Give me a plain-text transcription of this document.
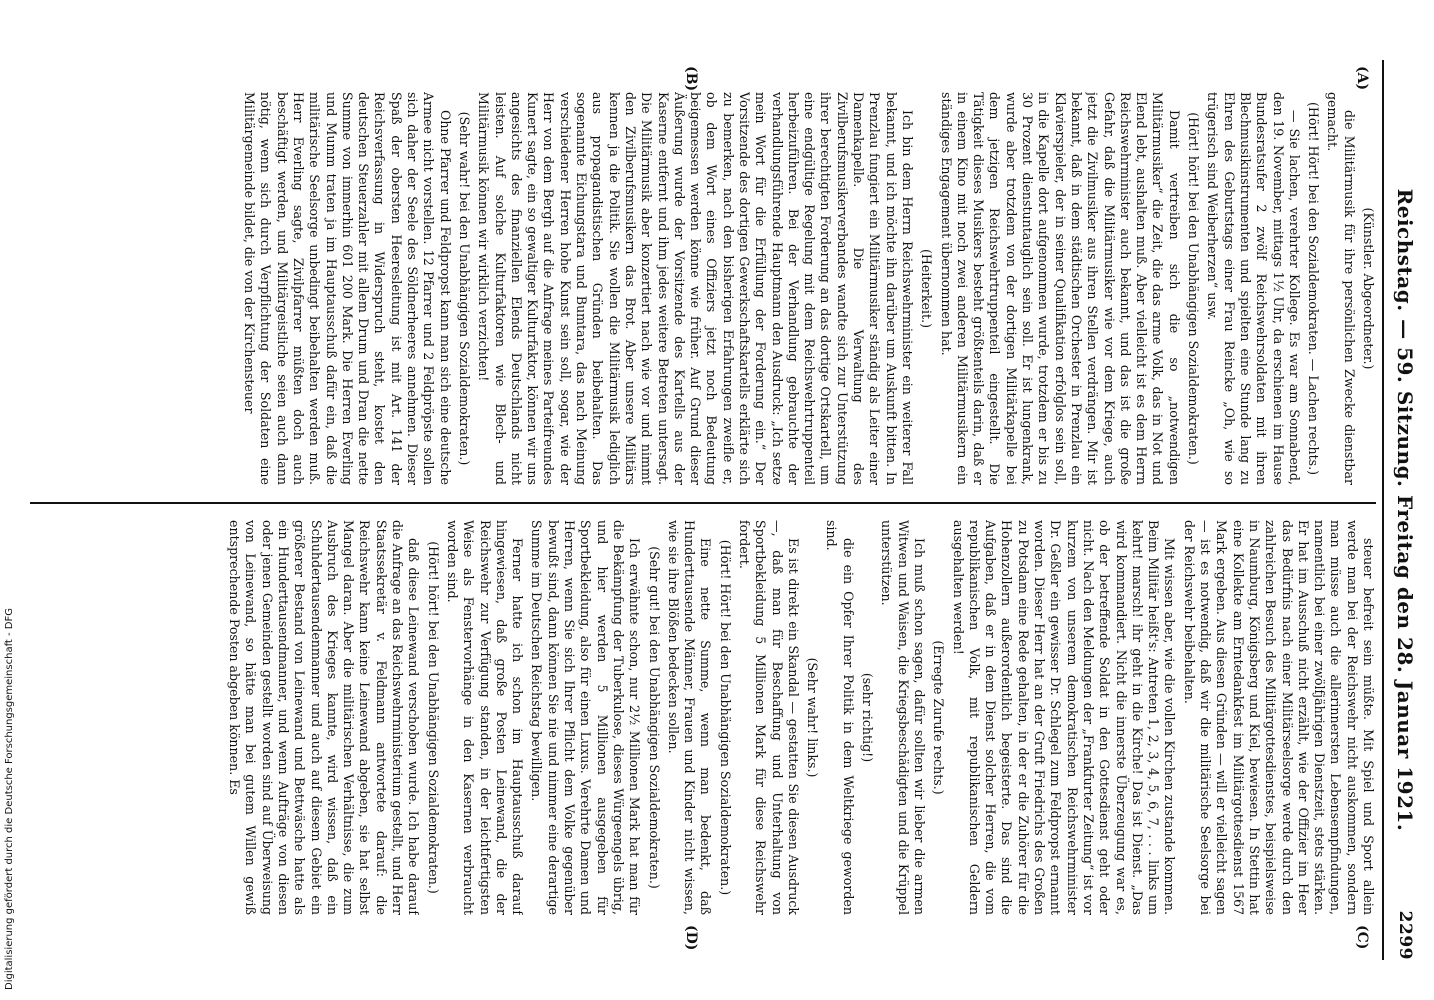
Reichstag. — 59. Sitzung. Freitag den 28. Januar 1921.
2299
(A)
(B)
(C)
(D)

(Künstler. Abgeordneter.)

die Militärmusik für ihre persönlichen Zwecke dienstbar gemacht.

(Hört! Hört! bei den Sozialdemokraten. — Lachen rechts.)

— Sie lachen, verehrter Kollege. Es war am Sonnabend, den 19. November, mittags 1½ Uhr, da erschienen im Hause Bundesratsufer 2 zwölf Reichswehrsoldaten mit ihren Blechmusikinstrumenten und spielten eine Stunde lang zu Ehren des Geburtstags einer Frau Reincke „Oh, wie so trügerisch sind Weiberherzen“ usw.

(Hört! hört! bei den Unabhängigen Sozialdemokraten.)

Damit vertreiben sich die so „notwendigen Militärmusiker“ die Zeit, die das arme Volk, das in Not und Elend lebt, aushalten muß. Aber vielleicht ist es dem Herrn Reichswehrminister auch bekannt, und das ist die große Gefahr, daß die Militärmusiker wie vor dem Kriege, auch jetzt die Zivilmusiker aus ihren Stellen verdrängen. Mir ist bekannt, daß in dem städtischen Orchester in Prenzlau ein Klavierspieler, der in seiner Qualifikation erfolglos sein soll, in die Kapelle dort aufgenommen wurde, trotzdem er bis zu 30 Prozent dienstuntauglich sein soll. Er ist lungenkrank, wurde aber trotzdem von der dortigen Militärkapelle bei dem jetzigen Reichswehrtruppenteil eingestellt. Die Tätigkeit dieses Musikers besteht größtenteils darin, daß er in einem Kino mit noch zwei anderen Militärmusikern ein ständiges Engagement übernommen hat.

(Heiterkeit.)

Ich bin dem Herrn Reichswehrminister ein weiterer Fall bekannt, und ich möchte ihn darüber um Auskunft bitten. In Prenzlau fungiert ein Militärmusiker ständig als Leiter einer Damenkapelle. Die Verwaltung des Zivilberufsmusikerverbandes wandte sich zur Unterstützung ihrer berechtigten Forderung an das dortige Ortskartell, um eine endgültige Regelung mit dem Reichswehrtruppenteil herbeizuführen. Bei der Verhandlung gebrauchte der verhandlungsführende Hauptmann den Ausdruck: „Ich setze mein Wort für die Erfüllung der Forderung ein.“ Der Vorsitzende des dortigen Gewerkschaftskartells erklärte sich zu bemerken, nach den bisherigen Erfahrungen zweifle er, ob dem Wort eines Offiziers jetzt noch Bedeutung beigemessen werden könne wie früher. Auf Grund dieser Äußerung wurde der Vorsitzende des Kartells aus der Kaserne entfernt und ihm jedes weitere Betreten untersagt. Die Militärmusik aber konzertiert nach wie vor und nimmt den Zivilberufsmusikern das Brot. Aber unsere Militärs kennen ja die Politik. Sie wollen die Militärmusik lediglich aus propagandistischen Gründen beibehalten. Das sogenannte Eichungstara und Bumtara, das nach Meinung verschiedener Herren hohe Kunst sein soll, sogar, wie der Herr von dem Bergh auf die Anfrage meines Parteifreundes Kunert sagte, ein so gewaltiger Kulturfaktor, können wir uns angesichts des finanziellen Elends Deutschlands nicht leisten. Auf solche Kulturfaktoren wie Blech- und Militärmusik können wir wirklich verzichten!

(Sehr wahr! bei den Unabhängigen Sozialdemokraten.)

Ohne Pfarrer und Feldpropst kann man sich eine deutsche Armee nicht vorstellen. 12 Pfarrer und 2 Feldpröpste sollen sich daher der Seele des Söldnerheeres annehmen. Dieser Spaß der obersten Heeresleitung ist mit Art. 141 der Reichsverfassung in Widerspruch steht, kostet den deutschen Steuerzahler mit allem Drum und Dran die nette Summe von immerhin 601 200 Mark. Die Herren Everling und Mumm traten ja im Hauptausschuß dafür ein, daß die militärische Seelsorge unbedingt beibehalten werden muß. Herr Everling sagte, Zivilpfarrer müßten doch auch beschäftigt werden, und Militärgeistliche seien auch dann nötig, wenn sich durch Verpflichtung der Soldaten eine Militärgemeinde bildet, die von der Kirchensteuer

steuer befreit sein müßte. Mit Spiel und Sport allein werde man bei der Reichswehr nicht auskommen, sondern man müsse auch die allerinnersten Lebensempfindungen, namentlich bei einer zwölfjährigen Dienstzeit, stets stärken. Er hat im Ausschuß nicht erzählt, wie der Offizier im Heer das Bedürfnis nach einer Militärseelsorge werde durch den zahlreichen Besuch des Militärgottesdienstes, beispielsweise in Naumburg, Königsberg und Kiel, bewiesen. In Stettin hat eine Kollekte am Erntedankfest im Militärgottesdienst 1567 Mark ergeben. Aus diesen Gründen — will er vielleicht sagen — ist es notwendig, daß wir die militärische Seelsorge bei der Reichswehr beibehalten.

Mit wissen aber, wie die vollen Kirchen zustande kommen. Beim Militär heißt's: Antreten 1, 2, 3, 4, 5, 6, 7, . . . links um kehrt! marsch! ihr geht in die Kirche! Das ist Dienst. „Das wird kommandiert. Nicht die innerste Überzeugung war es, ob der betreffende Soldat in den Gottesdienst geht oder nicht. Nach den Meldungen der „Frankfurter Zeitung“ ist vor kurzem von unserem demokratischen Reichswehrminister Dr. Geßler ein gewisser Dr. Schlegel zum Feldpropst ernannt worden. Dieser Herr hat an der Gruft Friedrichs des Großen zu Potsdam eine Rede gehalten, in der er die Zuhörer für die Hohenzollern außerordentlich begeisterte. Das sind die Aufgaben, daß er in dem Dienst solcher Herren, die vom republikanischen Volk, mit republikanischen Geldern ausgehalten werden!

(Erregte Zurufe rechts.)

Ich muß schon sagen, dafür sollten wir lieber die armen Witwen und Waisen, die Kriegsbeschädigten und die Krüppel unterstützen.

(sehr richtig!)

die ein Opfer Ihrer Politik in dem Weltkriege geworden sind.

(Sehr wahr! links.)

Es ist direkt ein Skandal — gestatten Sie diesen Ausdruck —, daß man für Beschaffung und Unterhaltung von Sportbekleidung 5 Millionen Mark für diese Reichswehr fordert.

(Hört! Hört! bei den Unabhängigen Sozialdemokraten.)

Eine nette Summe, wenn man bedenkt, daß Hunderttausende Männer, Frauen und Kinder nicht wissen, wie sie ihre Blößen bedecken sollen.

(Sehr gut! bei den Unabhängigen Sozialdemokraten.)

Ich erwähnte schon, nur 2½ Millionen Mark hat man für die Bekämpfung der Tuberkulose, dieses Würgeengels übrig, und hier werden 5 Millionen ausgegeben für Sportbekleidung, also für einen Luxus. Verehrte Damen und Herren, wenn Sie sich Ihrer Pflicht dem Volke gegenüber bewußt sind, dann können Sie nie und nimmer eine derartige Summe im Deutschen Reichstag bewilligen.

Ferner hatte ich schon im Hauptausschuß darauf hingewiesen, daß große Posten Leinewand, die der Reichswehr zur Verfügung standen, in der leichtfertigsten Weise als Fenstervorhänge in den Kasernen verbraucht worden sind.

(Hört! hört! bei den Unabhängigen Sozialdemokraten.)

daß diese Leinewand verschoben wurde. Ich habe darauf die Anfrage an das Reichswehrministerium gestellt, und Herr Staatssekretär v. Feldmann antwortete darauf: die Reichswehr kann keine Leinewand abgeben, sie hat selbst Mangel daran. Aber die militärischen Verhältnisse, die zum Ausbruch des Krieges kannte, wird wissen, daß ein Schuhdertausendenmanner und auch auf diesem Gebiet ein größerer Bestand von Leinewand und Bettwäsche hatte als ein Hunderttausendmanner, und wenn Aufträge von diesen oder jenen Gemeinden gestellt worden sind auf Überweisung von Leinewand, so hätte man bei gutem Willen gewiß entsprechende Posten abgeben können. Es

Digitalisierung gefördert durch die Deutsche Forschungsgemeinschaft - DFG
